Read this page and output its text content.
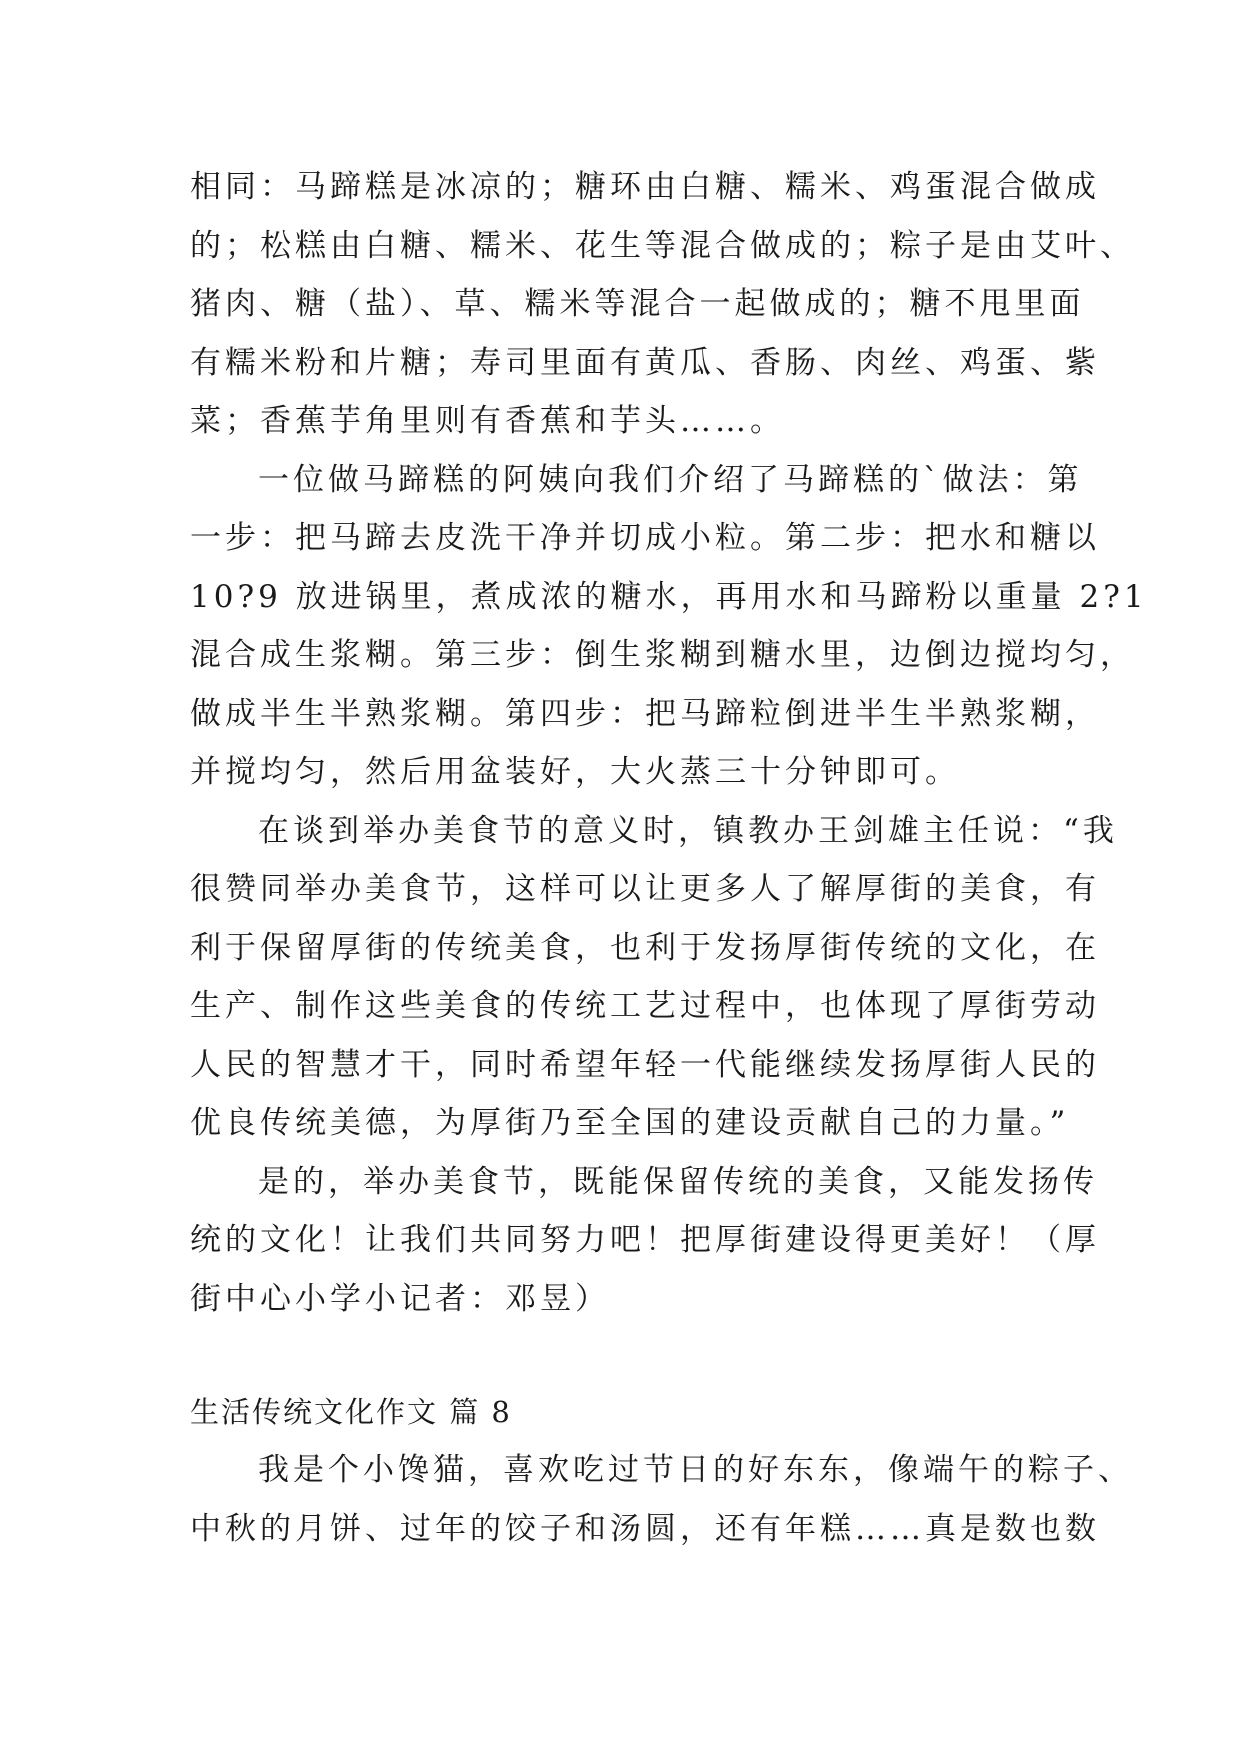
相同：马蹄糕是冰凉的；糖环由白糖、糯米、鸡蛋混合做成
的；松糕由白糖、糯米、花生等混合做成的；粽子是由艾叶、
猪肉、糖（盐）、草、糯米等混合一起做成的；糖不甩里面
有糯米粉和片糖；寿司里面有黄瓜、香肠、肉丝、鸡蛋、紫
菜；香蕉芋角里则有香蕉和芋头……。
一位做马蹄糕的阿姨向我们介绍了马蹄糕的`做法：第
一步：把马蹄去皮洗干净并切成小粒。第二步：把水和糖以
10?9 放进锅里，煮成浓的糖水，再用水和马蹄粉以重量 2?1
混合成生浆糊。第三步：倒生浆糊到糖水里，边倒边搅均匀，
做成半生半熟浆糊。第四步：把马蹄粒倒进半生半熟浆糊，
并搅均匀，然后用盆装好，大火蒸三十分钟即可。
在谈到举办美食节的意义时，镇教办王剑雄主任说：“我
很赞同举办美食节，这样可以让更多人了解厚街的美食，有
利于保留厚街的传统美食，也利于发扬厚街传统的文化，在
生产、制作这些美食的传统工艺过程中，也体现了厚街劳动
人民的智慧才干，同时希望年轻一代能继续发扬厚街人民的
优良传统美德，为厚街乃至全国的建设贡献自己的力量。”
是的，举办美食节，既能保留传统的美食，又能发扬传
统的文化！让我们共同努力吧！把厚街建设得更美好！（厚
街中心小学小记者：邓昱）
生活传统文化作文 篇 8
我是个小馋猫，喜欢吃过节日的好东东，像端午的粽子、
中秋的月饼、过年的饺子和汤圆，还有年糕……真是数也数
